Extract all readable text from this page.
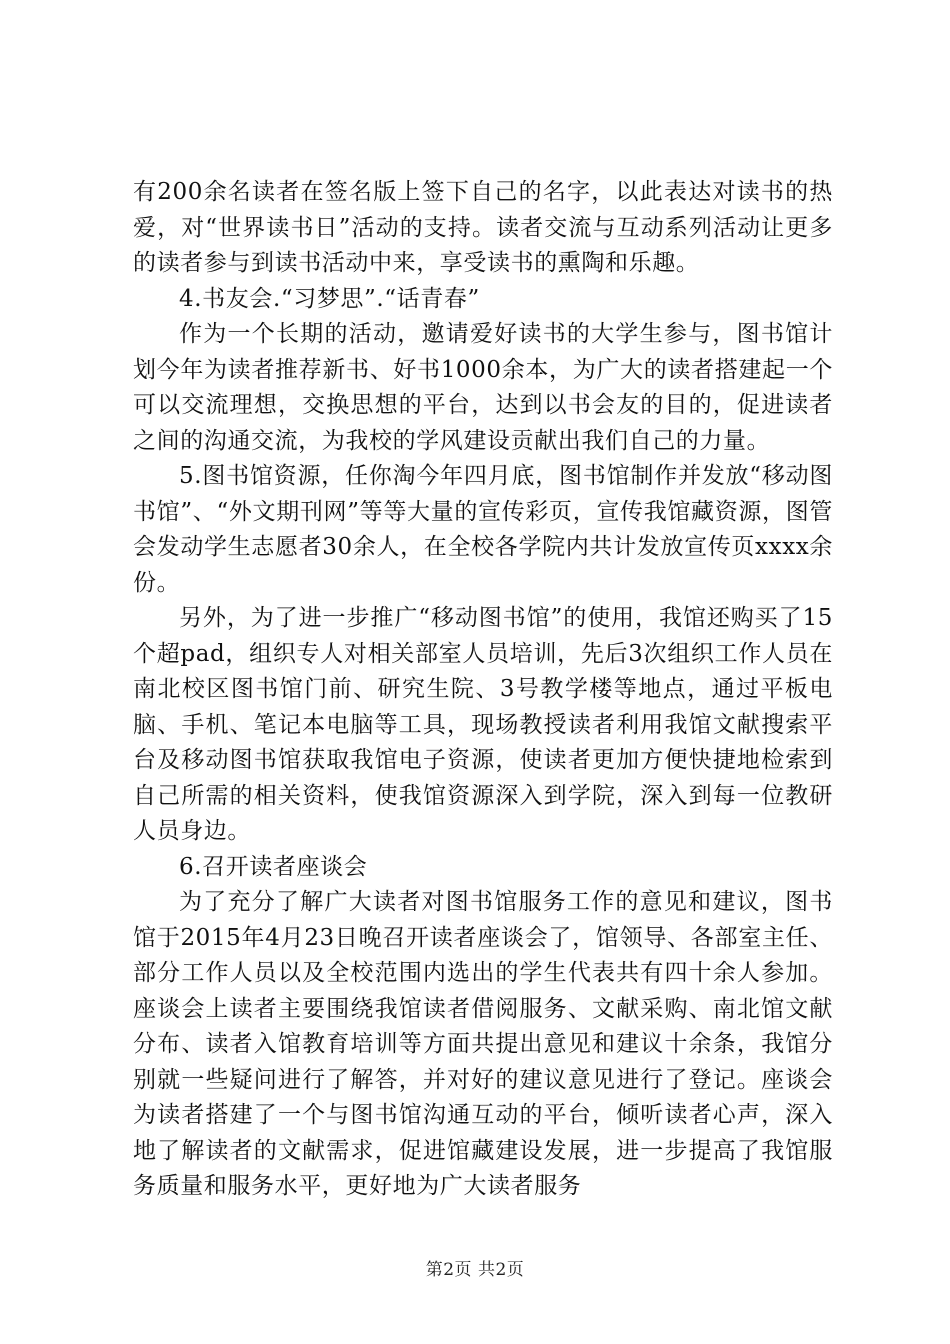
有200余名读者在签名版上签下自己的名字，以此表达对读书的热爱，对“世界读书日”活动的支持。读者交流与互动系列活动让更多的读者参与到读书活动中来，享受读书的熏陶和乐趣。

4.书友会.“习梦思”.“话青春”

作为一个长期的活动，邀请爱好读书的大学生参与，图书馆计划今年为读者推荐新书、好书1000余本，为广大的读者搭建起一个可以交流理想，交换思想的平台，达到以书会友的目的，促进读者之间的沟通交流，为我校的学风建设贡献出我们自己的力量。

5.图书馆资源，任你淘今年四月底，图书馆制作并发放“移动图书馆”、“外文期刊网”等等大量的宣传彩页，宣传我馆藏资源，图管会发动学生志愿者30余人，在全校各学院内共计发放宣传页xxxx余份。

另外，为了进一步推广“移动图书馆”的使用，我馆还购买了15个超pad，组织专人对相关部室人员培训，先后3次组织工作人员在南北校区图书馆门前、研究生院、3号教学楼等地点，通过平板电脑、手机、笔记本电脑等工具，现场教授读者利用我馆文献搜索平台及移动图书馆获取我馆电子资源，使读者更加方便快捷地检索到自己所需的相关资料，使我馆资源深入到学院，深入到每一位教研人员身边。

6.召开读者座谈会

为了充分了解广大读者对图书馆服务工作的意见和建议，图书馆于2015年4月23日晚召开读者座谈会了，馆领导、各部室主任、部分工作人员以及全校范围内选出的学生代表共有四十余人参加。座谈会上读者主要围绕我馆读者借阅服务、文献采购、南北馆文献分布、读者入馆教育培训等方面共提出意见和建议十余条，我馆分别就一些疑问进行了解答，并对好的建议意见进行了登记。座谈会为读者搭建了一个与图书馆沟通互动的平台，倾听读者心声，深入地了解读者的文献需求，促进馆藏建设发展，进一步提高了我馆服务质量和服务水平，更好地为广大读者服务

第2页 共2页
